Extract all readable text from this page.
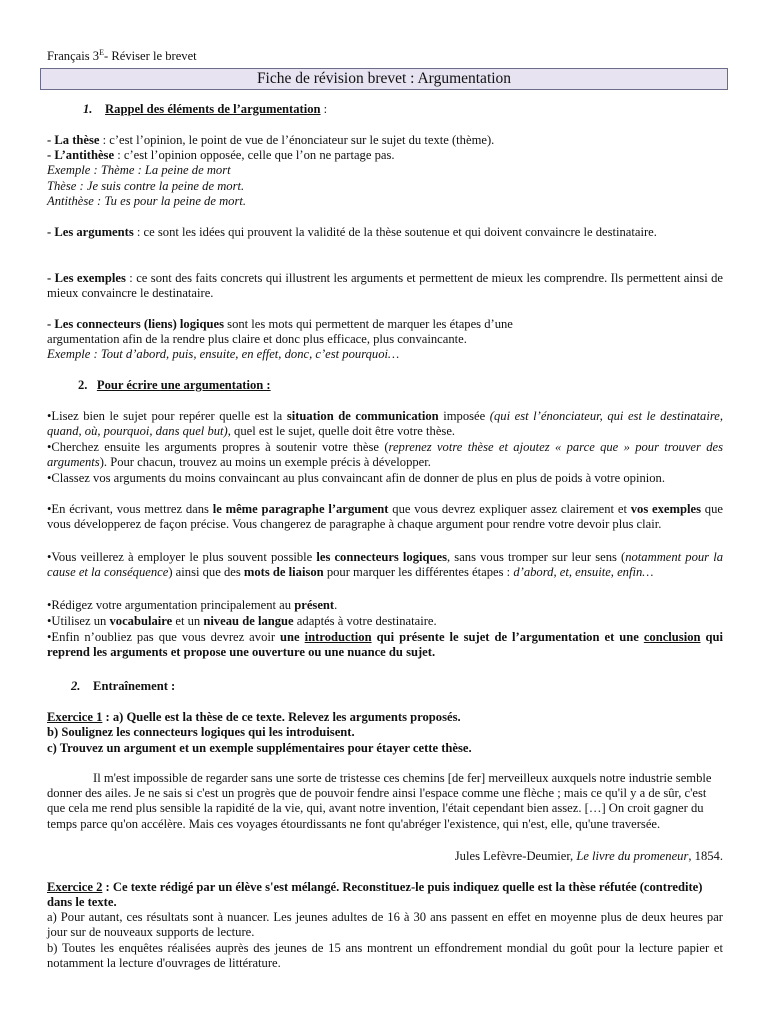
Français $3^E-$ Réviser le brevet
Fiche de révision brevet : Argumentation
1. Rappel des éléments de l’argumentation :
- La thèse : c’est l’opinion, le point de vue de l’énonciateur sur le sujet du texte (thème).
- L’antithèse : c’est l’opinion opposée, celle que l’on ne partage pas.
Exemple : Thème : La peine de mort
Thèse : Je suis contre la peine de mort.
Antithèse : Tu es pour la peine de mort.
- Les arguments : ce sont les idées qui prouvent la validité de la thèse soutenue et qui doivent convaincre le destinataire.
- Les exemples : ce sont des faits concrets qui illustrent les arguments et permettent de mieux les comprendre. Ils permettent ainsi de mieux convaincre le destinataire.
- Les connecteurs (liens) logiques sont les mots qui permettent de marquer les étapes d’une
argumentation afin de la rendre plus claire et donc plus efficace, plus convaincante.
Exemple : Tout d’abord, puis, ensuite, en effet, donc, c’est pourquoi…
2. Pour écrire une argumentation :
•Lisez bien le sujet pour repérer quelle est la situation de communication imposée (qui est l’énonciateur, qui est le destinataire, quand, où, pourquoi, dans quel but), quel est le sujet, quelle doit être votre thèse.
•Cherchez ensuite les arguments propres à soutenir votre thèse (reprenez votre thèse et ajoutez « parce que » pour trouver des arguments). Pour chacun, trouvez au moins un exemple précis à développer.
•Classez vos arguments du moins convaincant au plus convaincant afin de donner de plus en plus de poids à votre opinion.
•En écrivant, vous mettrez dans le même paragraphe l’argument que vous devrez expliquer assez clairement et vos exemples que vous développerez de façon précise. Vous changerez de paragraphe à chaque argument pour rendre votre devoir plus clair.
•Vous veillerez à employer le plus souvent possible les connecteurs logiques, sans vous tromper sur leur sens (notamment pour la cause et la conséquence) ainsi que des mots de liaison pour marquer les différentes étapes : d’abord, et, ensuite, enfin…
•Rédigez votre argumentation principalement au présent.
•Utilisez un vocabulaire et un niveau de langue adaptés à votre destinataire.
•Enfin n’oubliez pas que vous devrez avoir une introduction qui présente le sujet de l’argumentation et une conclusion qui reprend les arguments et propose une ouverture ou une nuance du sujet.
2. Entraînement :
Exercice 1 : a) Quelle est la thèse de ce texte. Relevez les arguments proposés.
b) Soulignez les connecteurs logiques qui les introduisent.
c) Trouvez un argument et un exemple supplémentaires pour étayer cette thèse.
Il m'est impossible de regarder sans une sorte de tristesse ces chemins [de fer] merveilleux auxquels notre industrie semble donner des ailes. Je ne sais si c'est un progrès que de pouvoir fendre ainsi l'espace comme une flèche ; mais ce qu'il y a de sûr, c'est que cela me rend plus sensible la rapidité de la vie, qui, avant notre invention, l'était cependant bien assez. […] On croit gagner du temps parce qu'on accélère. Mais ces voyages étourdissants ne font qu'abréger l'existence, qui n'est, elle, qu'une traversée.
Jules Lefèvre-Deumier, Le livre du promeneur, 1854.
Exercice 2 : Ce texte rédigé par un élève s'est mélangé. Reconstituez-le puis indiquez quelle est la thèse réfutée (contredite) dans le texte.
a) Pour autant, ces résultats sont à nuancer. Les jeunes adultes de 16 à 30 ans passent en effet en moyenne plus de deux heures par jour sur de nouveaux supports de lecture.
b) Toutes les enquêtes réalisées auprès des jeunes de 15 ans montrent un effondrement mondial du goût pour la lecture papier et notamment la lecture d'ouvrages de littérature.
